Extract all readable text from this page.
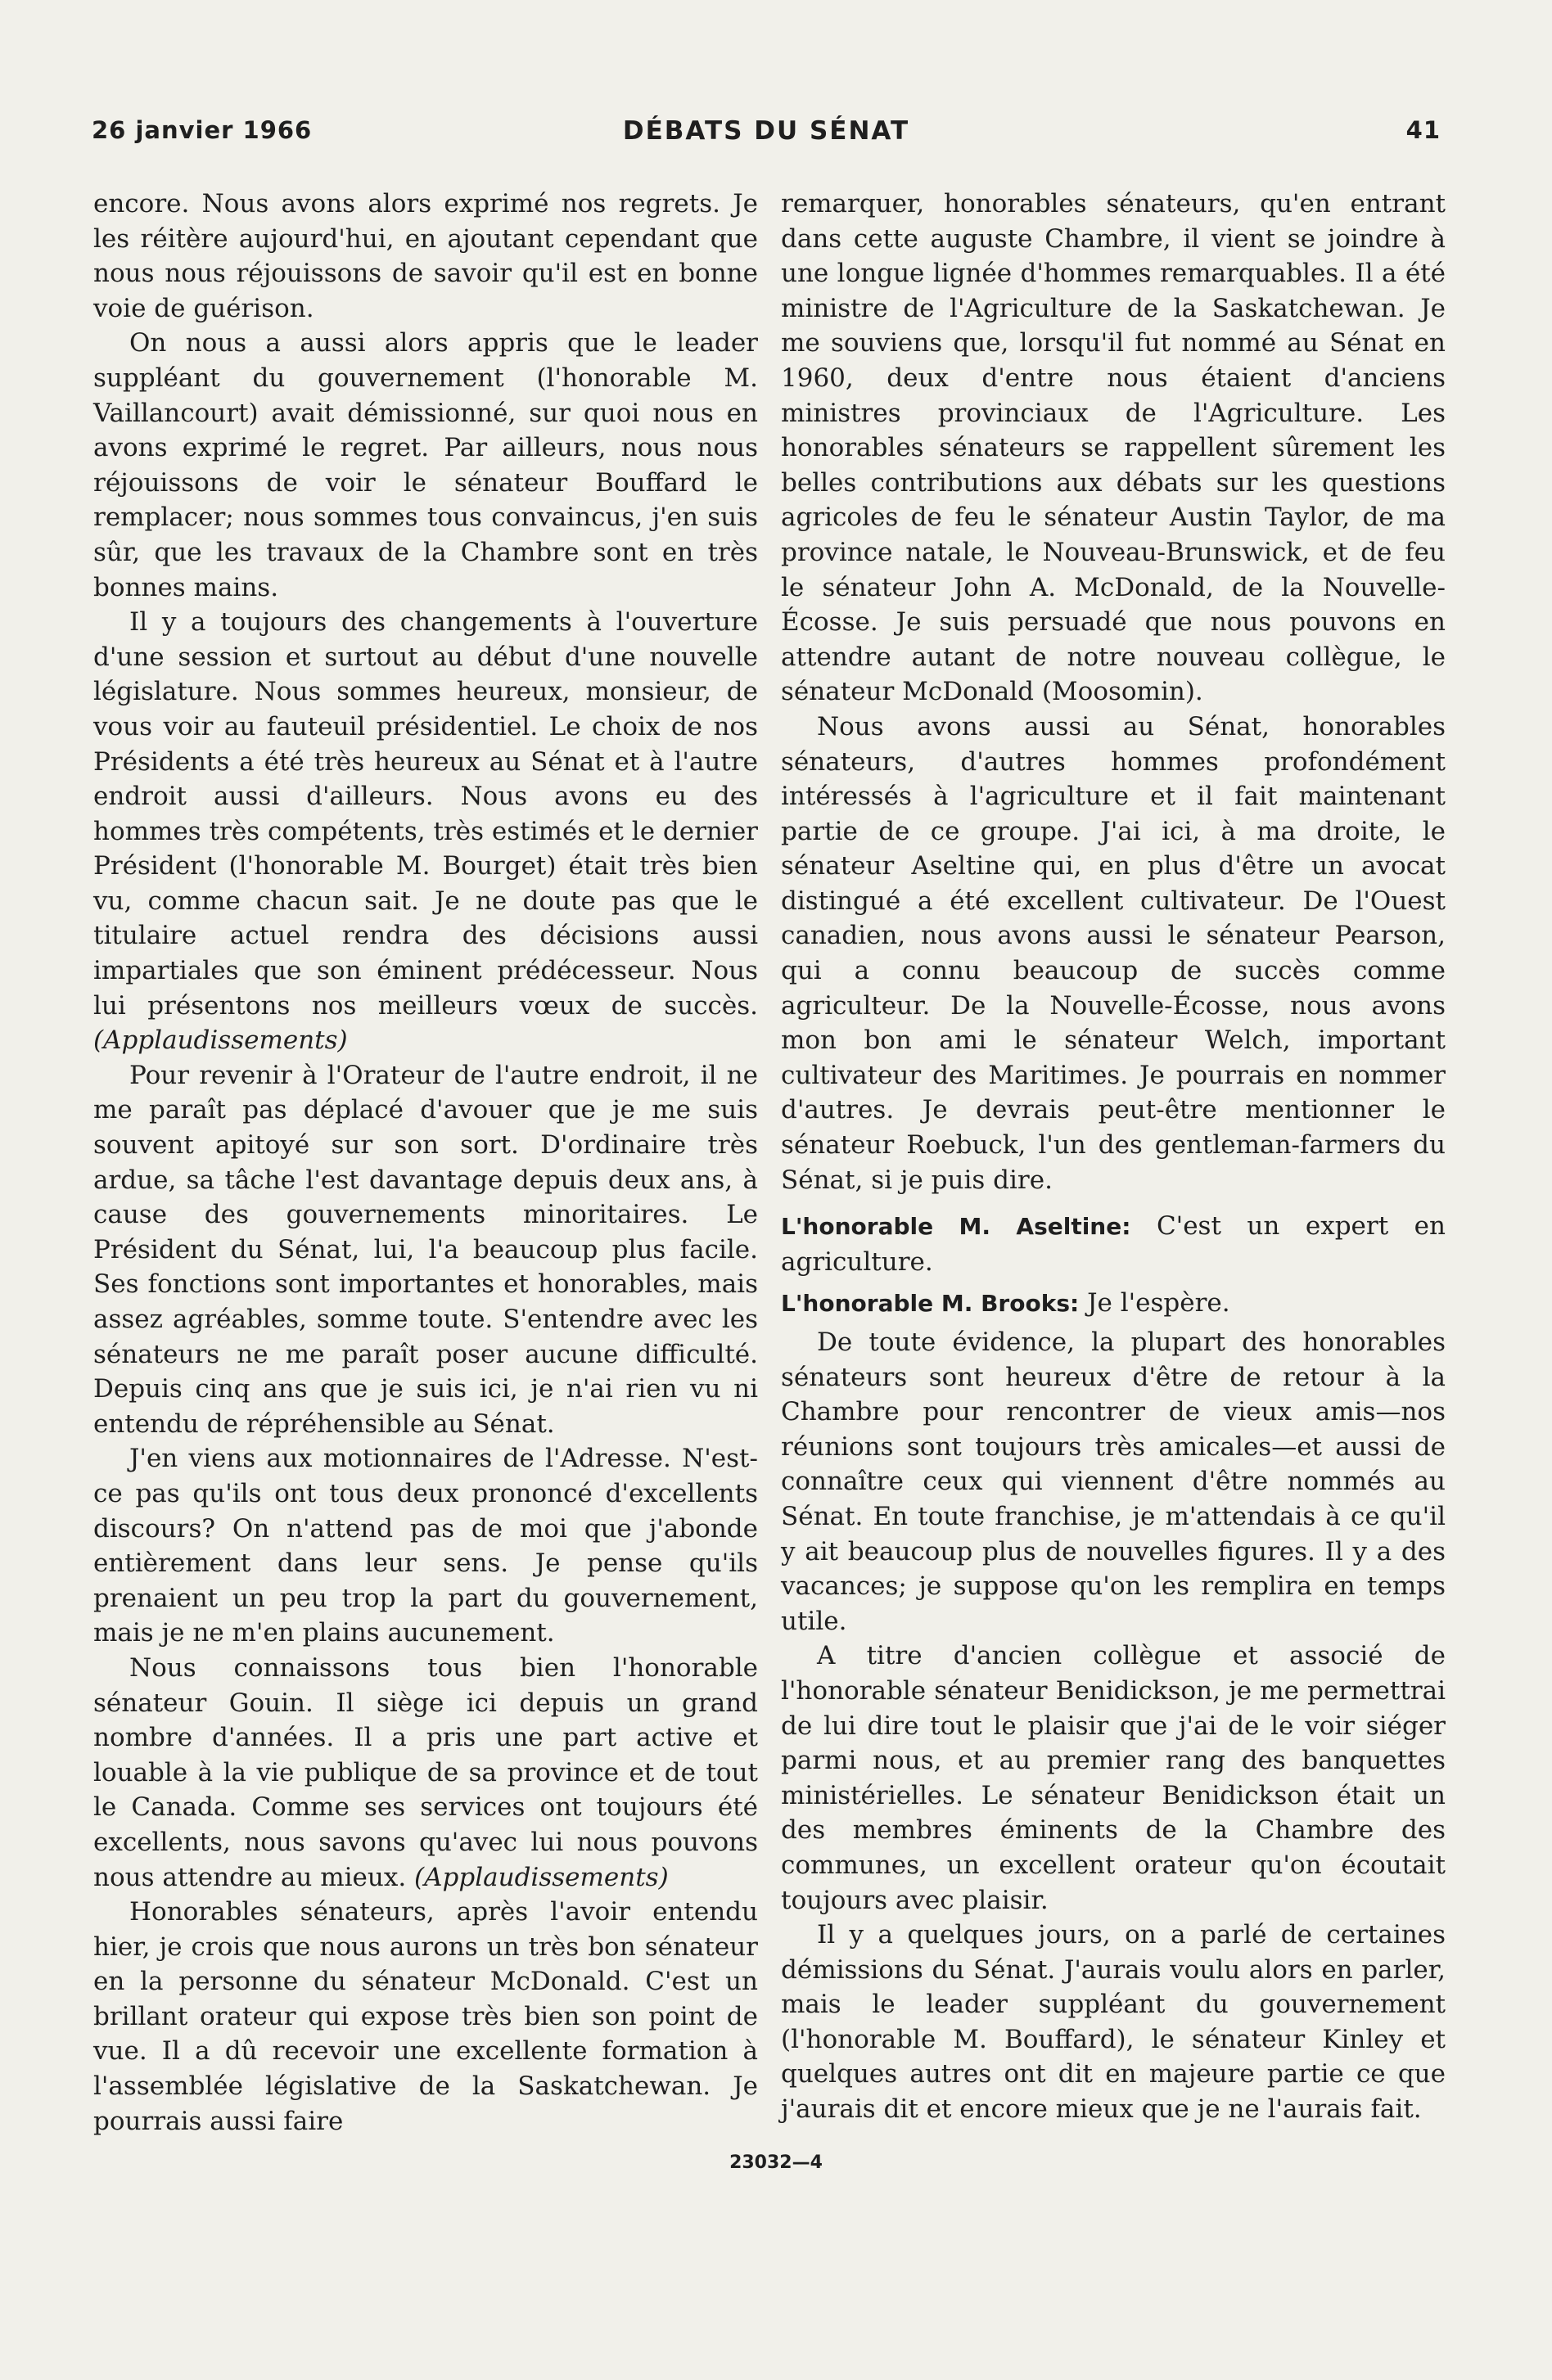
26 janvier 1966	DÉBATS DU SÉNAT	41

encore. Nous avons alors exprimé nos regrets. Je les réitère aujourd'hui, en ajoutant cependant que nous nous réjouissons de savoir qu'il est en bonne voie de guérison.

On nous a aussi alors appris que le leader suppléant du gouvernement (l'honorable M. Vaillancourt) avait démissionné, sur quoi nous en avons exprimé le regret. Par ailleurs, nous nous réjouissons de voir le sénateur Bouffard le remplacer; nous sommes tous convaincus, j'en suis sûr, que les travaux de la Chambre sont en très bonnes mains.

Il y a toujours des changements à l'ouverture d'une session et surtout au début d'une nouvelle législature. Nous sommes heureux, monsieur, de vous voir au fauteuil présidentiel. Le choix de nos Présidents a été très heureux au Sénat et à l'autre endroit aussi d'ailleurs. Nous avons eu des hommes très compétents, très estimés et le dernier Président (l'honorable M. Bourget) était très bien vu, comme chacun sait. Je ne doute pas que le titulaire actuel rendra des décisions aussi impartiales que son éminent prédécesseur. Nous lui présentons nos meilleurs vœux de succès. (Applaudissements)

Pour revenir à l'Orateur de l'autre endroit, il ne me paraît pas déplacé d'avouer que je me suis souvent apitoyé sur son sort. D'ordinaire très ardue, sa tâche l'est davantage depuis deux ans, à cause des gouvernements minoritaires. Le Président du Sénat, lui, l'a beaucoup plus facile. Ses fonctions sont importantes et honorables, mais assez agréables, somme toute. S'entendre avec les sénateurs ne me paraît poser aucune difficulté. Depuis cinq ans que je suis ici, je n'ai rien vu ni entendu de répréhensible au Sénat.

J'en viens aux motionnaires de l'Adresse. N'est-ce pas qu'ils ont tous deux prononcé d'excellents discours? On n'attend pas de moi que j'abonde entièrement dans leur sens. Je pense qu'ils prenaient un peu trop la part du gouvernement, mais je ne m'en plains aucunement.

Nous connaissons tous bien l'honorable sénateur Gouin. Il siège ici depuis un grand nombre d'années. Il a pris une part active et louable à la vie publique de sa province et de tout le Canada. Comme ses services ont toujours été excellents, nous savons qu'avec lui nous pouvons nous attendre au mieux. (Applaudissements)

Honorables sénateurs, après l'avoir entendu hier, je crois que nous aurons un très bon sénateur en la personne du sénateur McDonald. C'est un brillant orateur qui expose très bien son point de vue. Il a dû recevoir une excellente formation à l'assemblée législative de la Saskatchewan. Je pourrais aussi faire

remarquer, honorables sénateurs, qu'en entrant dans cette auguste Chambre, il vient se joindre à une longue lignée d'hommes remarquables. Il a été ministre de l'Agriculture de la Saskatchewan. Je me souviens que, lorsqu'il fut nommé au Sénat en 1960, deux d'entre nous étaient d'anciens ministres provinciaux de l'Agriculture. Les honorables sénateurs se rappellent sûrement les belles contributions aux débats sur les questions agricoles de feu le sénateur Austin Taylor, de ma province natale, le Nouveau-Brunswick, et de feu le sénateur John A. McDonald, de la Nouvelle-Écosse. Je suis persuadé que nous pouvons en attendre autant de notre nouveau collègue, le sénateur McDonald (Moosomin).

Nous avons aussi au Sénat, honorables sénateurs, d'autres hommes profondément intéressés à l'agriculture et il fait maintenant partie de ce groupe. J'ai ici, à ma droite, le sénateur Aseltine qui, en plus d'être un avocat distingué a été excellent cultivateur. De l'Ouest canadien, nous avons aussi le sénateur Pearson, qui a connu beaucoup de succès comme agriculteur. De la Nouvelle-Écosse, nous avons mon bon ami le sénateur Welch, important cultivateur des Maritimes. Je pourrais en nommer d'autres. Je devrais peut-être mentionner le sénateur Roebuck, l'un des gentleman-farmers du Sénat, si je puis dire.

L'honorable M. Aseltine: C'est un expert en agriculture.

L'honorable M. Brooks: Je l'espère.

De toute évidence, la plupart des honorables sénateurs sont heureux d'être de retour à la Chambre pour rencontrer de vieux amis—nos réunions sont toujours très amicales—et aussi de connaître ceux qui viennent d'être nommés au Sénat. En toute franchise, je m'attendais à ce qu'il y ait beaucoup plus de nouvelles figures. Il y a des vacances; je suppose qu'on les remplira en temps utile.

A titre d'ancien collègue et associé de l'honorable sénateur Benidickson, je me permettrai de lui dire tout le plaisir que j'ai de le voir siéger parmi nous, et au premier rang des banquettes ministérielles. Le sénateur Benidickson était un des membres éminents de la Chambre des communes, un excellent orateur qu'on écoutait toujours avec plaisir.

Il y a quelques jours, on a parlé de certaines démissions du Sénat. J'aurais voulu alors en parler, mais le leader suppléant du gouvernement (l'honorable M. Bouffard), le sénateur Kinley et quelques autres ont dit en majeure partie ce que j'aurais dit et encore mieux que je ne l'aurais fait.

23032—4
